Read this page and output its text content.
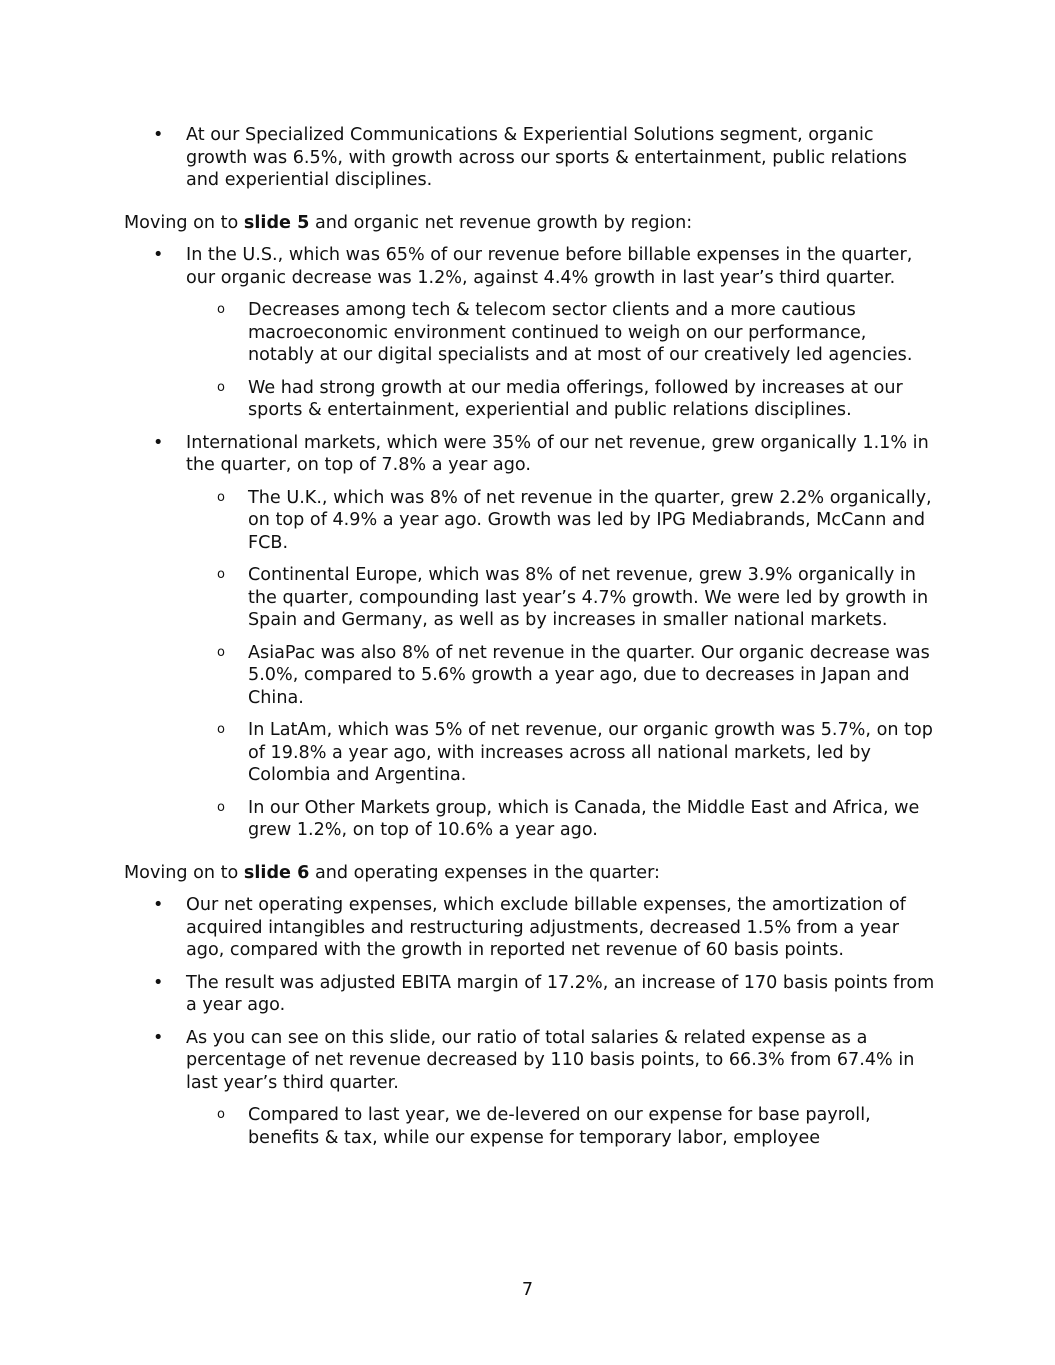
•	At our Specialized Communications & Experiential Solutions segment, organic growth was 6.5%, with growth across our sports & entertainment, public relations and experiential disciplines.

Moving on to slide 5 and organic net revenue growth by region:

•	In the U.S., which was 65% of our revenue before billable expenses in the quarter, our organic decrease was 1.2%, against 4.4% growth in last year’s third quarter.
o Decreases among tech & telecom sector clients and a more cautious macroeconomic environment continued to weigh on our performance, notably at our digital specialists and at most of our creatively led agencies.
o We had strong growth at our media offerings, followed by increases at our sports & entertainment, experiential and public relations disciplines.
•	International markets, which were 35% of our net revenue, grew organically 1.1% in the quarter, on top of 7.8% a year ago.
o The U.K., which was 8% of net revenue in the quarter, grew 2.2% organically, on top of 4.9% a year ago. Growth was led by IPG Mediabrands, McCann and FCB.
o Continental Europe, which was 8% of net revenue, grew 3.9% organically in the quarter, compounding last year’s 4.7% growth. We were led by growth in Spain and Germany, as well as by increases in smaller national markets.
o AsiaPac was also 8% of net revenue in the quarter. Our organic decrease was 5.0%, compared to 5.6% growth a year ago, due to decreases in Japan and China.
o In LatAm, which was 5% of net revenue, our organic growth was 5.7%, on top of 19.8% a year ago, with increases across all national markets, led by Colombia and Argentina.
o In our Other Markets group, which is Canada, the Middle East and Africa, we grew 1.2%, on top of 10.6% a year ago.

Moving on to slide 6 and operating expenses in the quarter:

•	Our net operating expenses, which exclude billable expenses, the amortization of acquired intangibles and restructuring adjustments, decreased 1.5% from a year ago, compared with the growth in reported net revenue of 60 basis points.
•	The result was adjusted EBITA margin of 17.2%, an increase of 170 basis points from a year ago.
•	As you can see on this slide, our ratio of total salaries & related expense as a percentage of net revenue decreased by 110 basis points, to 66.3% from 67.4% in last year’s third quarter.
o Compared to last year, we de-levered on our expense for base payroll, benefits & tax, while our expense for temporary labor, employee
7
